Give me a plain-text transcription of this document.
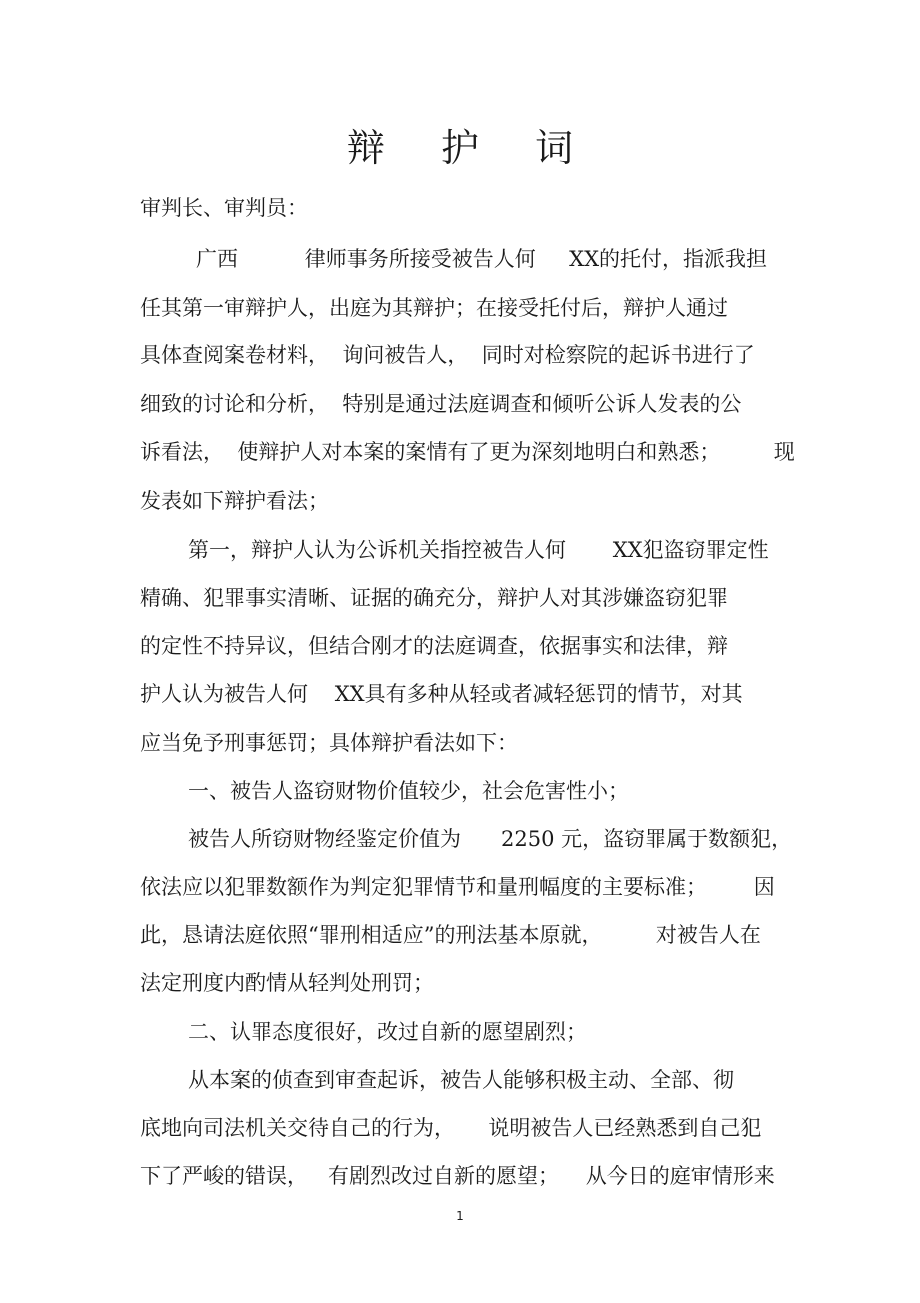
辩 护 词

审判长、审判员：

广西          律师事务所接受被告人何     XX的托付，指派我担

任其第一审辩护人，出庭为其辩护；在接受托付后，辩护人通过

具体查阅案卷材料，  询问被告人，  同时对检察院的起诉书进行了

细致的讨论和分析，  特别是通过法庭调查和倾听公诉人发表的公

诉看法，  使辩护人对本案的案情有了更为深刻地明白和熟悉；        现

发表如下辩护看法；

第一，辩护人认为公诉机关指控被告人何       XX犯盗窃罪定性

精确、犯罪事实清晰、证据的确充分，辩护人对其涉嫌盗窃犯罪

的定性不持异议，但结合刚才的法庭调查，依据事实和法律，辩

护人认为被告人何    XX具有多种从轻或者减轻惩罚的情节，对其

应当免予刑事惩罚；具体辩护看法如下：

一、被告人盗窃财物价值较少，社会危害性小；

被告人所窃财物经鉴定价值为      2250 元，盗窃罪属于数额犯，

依法应以犯罪数额作为判定犯罪情节和量刑幅度的主要标准；       因

此，恳请法庭依照“罪刑相适应”的刑法基本原就，        对被告人在

法定刑度内酌情从轻判处刑罚；

二、认罪态度很好，改过自新的愿望剧烈；

从本案的侦查到审查起诉，被告人能够积极主动、全部、彻

底地向司法机关交待自己的行为，     说明被告人已经熟悉到自己犯

下了严峻的错误，   有剧烈改过自新的愿望；    从今日的庭审情形来

1
